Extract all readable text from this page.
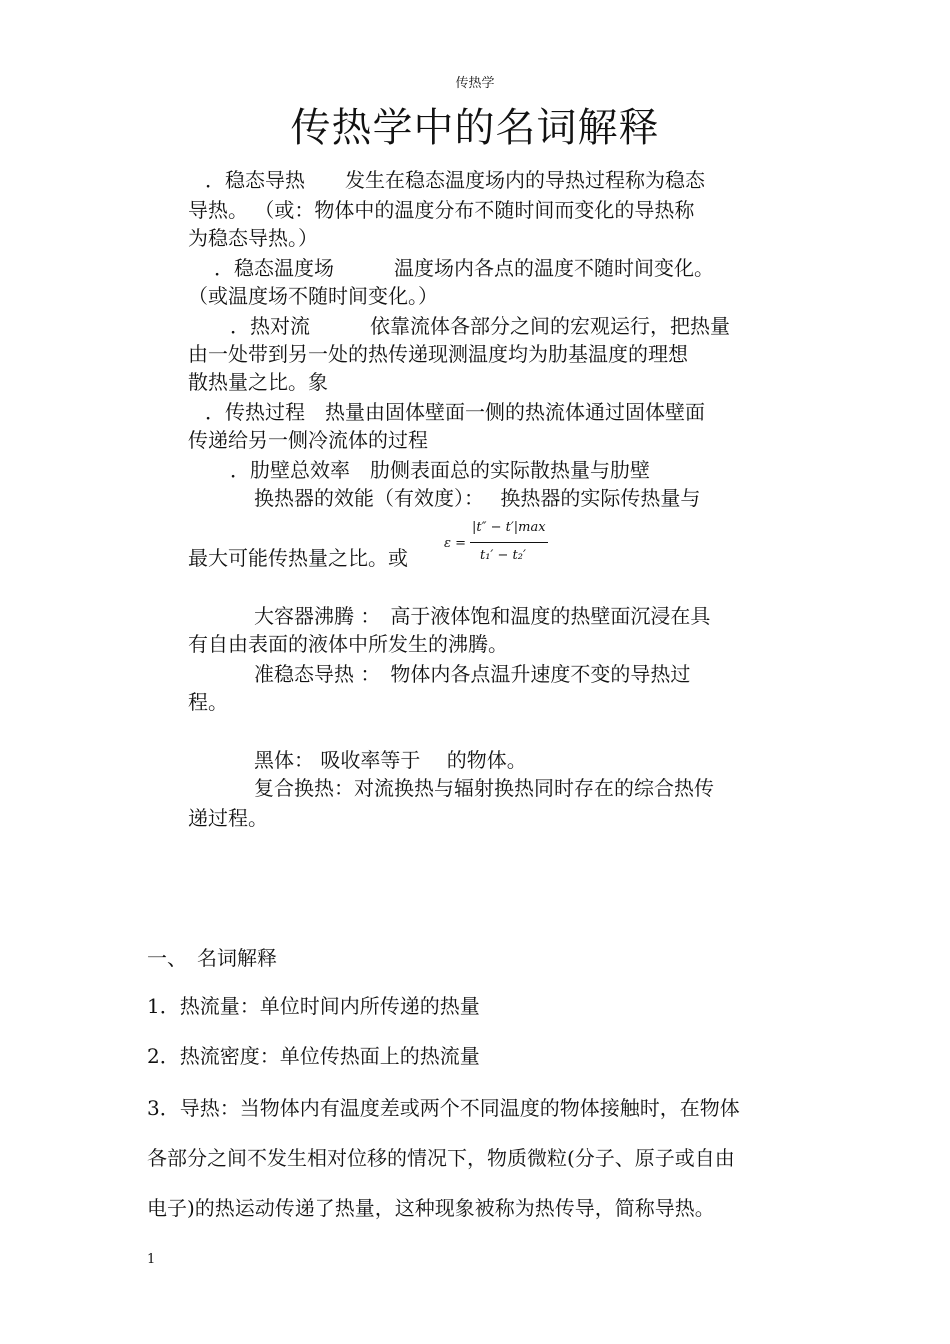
传热学
传热学中的名词解释
．稳态导热　　发生在稳态温度场内的导热过程称为稳态
导热。 （或：物体中的温度分布不随时间而变化的导热称
为稳态导热。）
．稳态温度场　　　温度场内各点的温度不随时间变化。
（或温度场不随时间变化。）
．热对流　　　依靠流体各部分之间的宏观运行，把热量
由一处带到另一处的热传递现测温度均为肋基温度的理想
散热量之比。象
．传热过程　热量由固体壁面一侧的热流体通过固体壁面
传递给另一侧冷流体的过程
．肋壁总效率　肋侧表面总的实际散热量与肋壁
换热器的效能（有效度）：　 换热器的实际传热量与
最大可能传热量之比。或
ε =
|t″ − t′|max
t₁′ − t₂′
大容器沸腾 ：　高于液体饱和温度的热壁面沉浸在具
有自由表面的液体中所发生的沸腾。
准稳态导热 ：　物体内各点温升速度不变的导热过
程。
黑体： 吸收率等于　 的物体。
复合换热：对流换热与辐射换热同时存在的综合热传
递过程。
一、　名词解释
1．热流量：单位时间内所传递的热量
2．热流密度：单位传热面上的热流量
3．导热：当物体内有温度差或两个不同温度的物体接触时，在物体
各部分之间不发生相对位移的情况下，物质微粒(分子、原子或自由
电子)的热运动传递了热量，这种现象被称为热传导，简称导热。
1
